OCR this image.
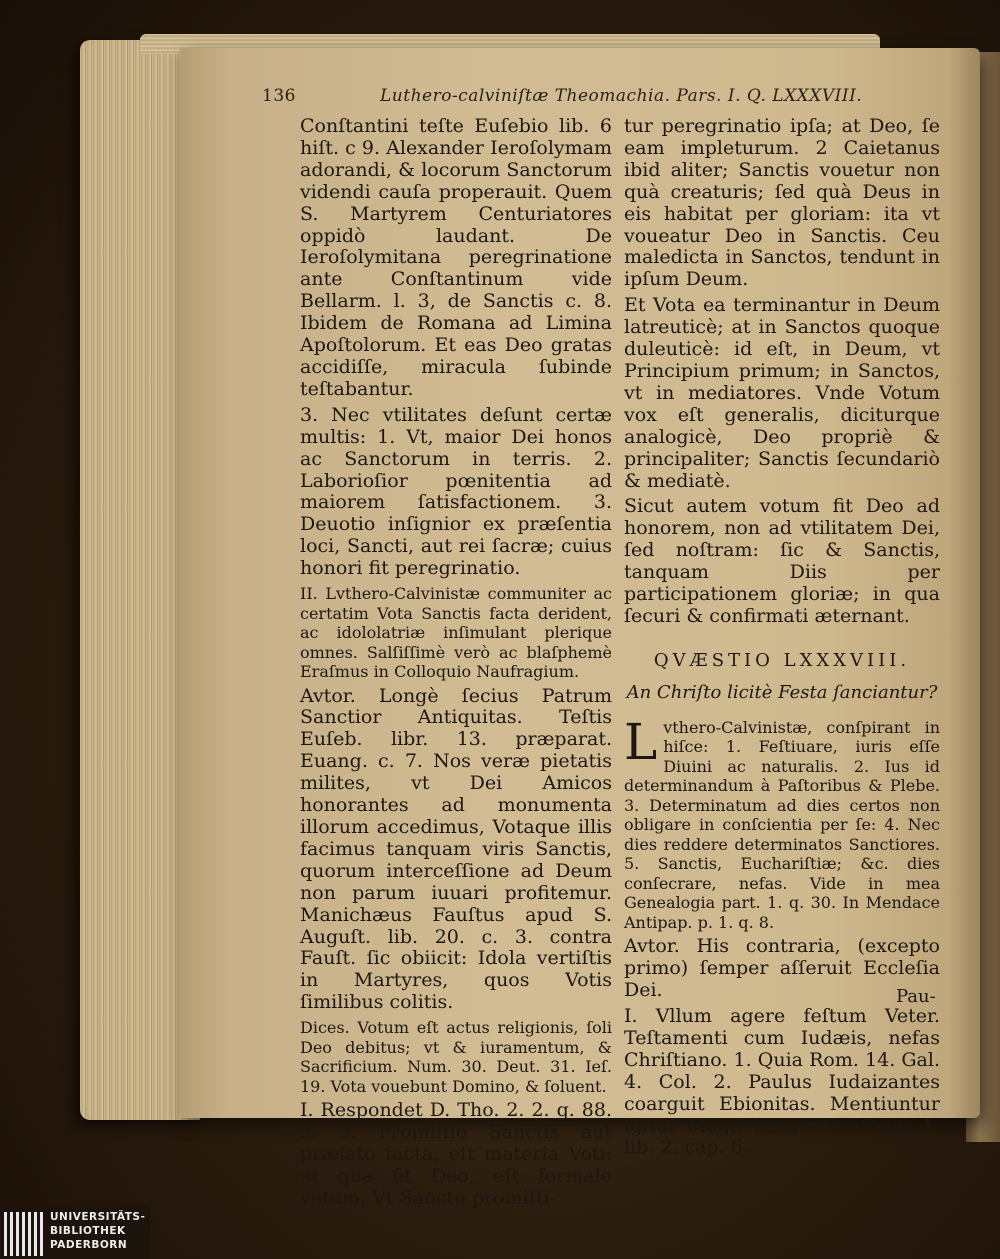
136	Luthero-calviniſtæ Theomachia. Pars. I. Q. LXXXVIII.

Conſtantini teſte Euſebio lib. 6 hiſt. c 9. Alexander Ieroſolymam adorandi, & locorum Sanctorum videndi cauſa properauit. Quem S. Martyrem Centuriatores oppidò laudant. De Ieroſolymitana peregrinatione ante Conſtantinum vide Bellarm. l. 3, de Sanctis c. 8. Ibidem de Romana ad Limina Apoſtolorum. Et eas Deo gratas accidiſſe, miracula ſubinde teſtabantur.

3. Nec vtilitates deſunt certæ multis: 1. Vt, maior Dei honos ac Sanctorum in terris. 2. Laborioſior pœnitentia ad maiorem ſatisfactionem. 3. Deuotio inſignior ex præſentia loci, Sancti, aut rei ſacræ; cuius honori fit peregrinatio.

II. Lvthero-Calvinistæ communiter ac certatim Vota Sanctis facta derident, ac idololatriæ inſimulant plerique omnes. Salſiſſimè verò ac blaſphemè Eraſmus in Colloquio Naufragium.

Avtor. Longè ſecius Patrum Sanctior Antiquitas. Teſtis Euſeb. libr. 13. præparat. Euang. c. 7. Nos veræ pietatis milites, vt Dei Amicos honorantes ad monumenta illorum accedimus, Votaque illis facimus tanquam viris Sanctis, quorum interceſſione ad Deum non parum iuuari profitemur. Manichæus Fauſtus apud S. Auguſt. lib. 20. c. 3. contra Fauſt. ſic obiicit: Idola vertiſtis in Martyres, quos Votis ſimilibus colitis.

Dices. Votum eſt actus religionis, ſoli Deo debitus; vt & iuramentum, & Sacrificium. Num. 30. Deut. 31. Ieſ. 19. Vota vouebunt Domino, & ſoluent.

I. Respondet D. Tho. 2. 2. q. 88. a. 5. Promiſſio Sanctis aut prælato facta, eſt materia Voti: at quà fit Deo, eſt formale votum. Vt Sancto promitti-

tur peregrinatio ipſa; at Deo, ſe eam impleturum. 2 Caietanus ibid aliter; Sanctis vouetur non quà creaturis; ſed quà Deus in eis habitat per gloriam: ita vt voueatur Deo in Sanctis. Ceu maledicta in Sanctos, tendunt in ipſum Deum.

Et Vota ea terminantur in Deum latreuticè; at in Sanctos quoque duleuticè: id eſt, in Deum, vt Principium primum; in Sanctos, vt in mediatores. Vnde Votum vox eſt generalis, diciturque analogicè, Deo propriè & principaliter; Sanctis ſecundariò & mediatè.

Sicut autem votum fit Deo ad honorem, non ad vtilitatem Dei, ſed noſtram: ſic & Sanctis, tanquam Diis per participationem gloriæ; in qua ſecuri & confirmati æternant.

QVÆSTIO LXXXVIII.
An Chriſto licitè Festa ſanciantur?

Lvthero-Calvinistæ, conſpirant in hiſce: 1. Feſtiuare, iuris eſſe Diuini ac naturalis. 2. Ius id determinandum à Paſtoribus & Plebe. 3. Determinatum ad dies certos non obligare in conſcientia per ſe: 4. Nec dies reddere determinatos Sanctiores. 5. Sanctis, Euchariſtiæ; &c. dies conſecrare, nefas. Vide in mea Genealogia part. 1. q. 30. In Mendace Antipap. p. 1. q. 8.

Avtor. His contraria, (excepto primo) ſemper aſſeruit Eccleſia Dei.

I. Vllum agere feſtum Veter. Teſtamenti cum Iudæis, nefas Chriſtiano. 1. Quia Rom. 14. Gal. 4. Col. 2. Paulus Iudaizantes coarguit Ebionitas. Mentiuntur igitur Magdeburgenſes Cent. 1. lib. 2. cap. 6.

Pau-
UNIVERSITÄTS-
BIBLIOTHEK
PADERBORN
